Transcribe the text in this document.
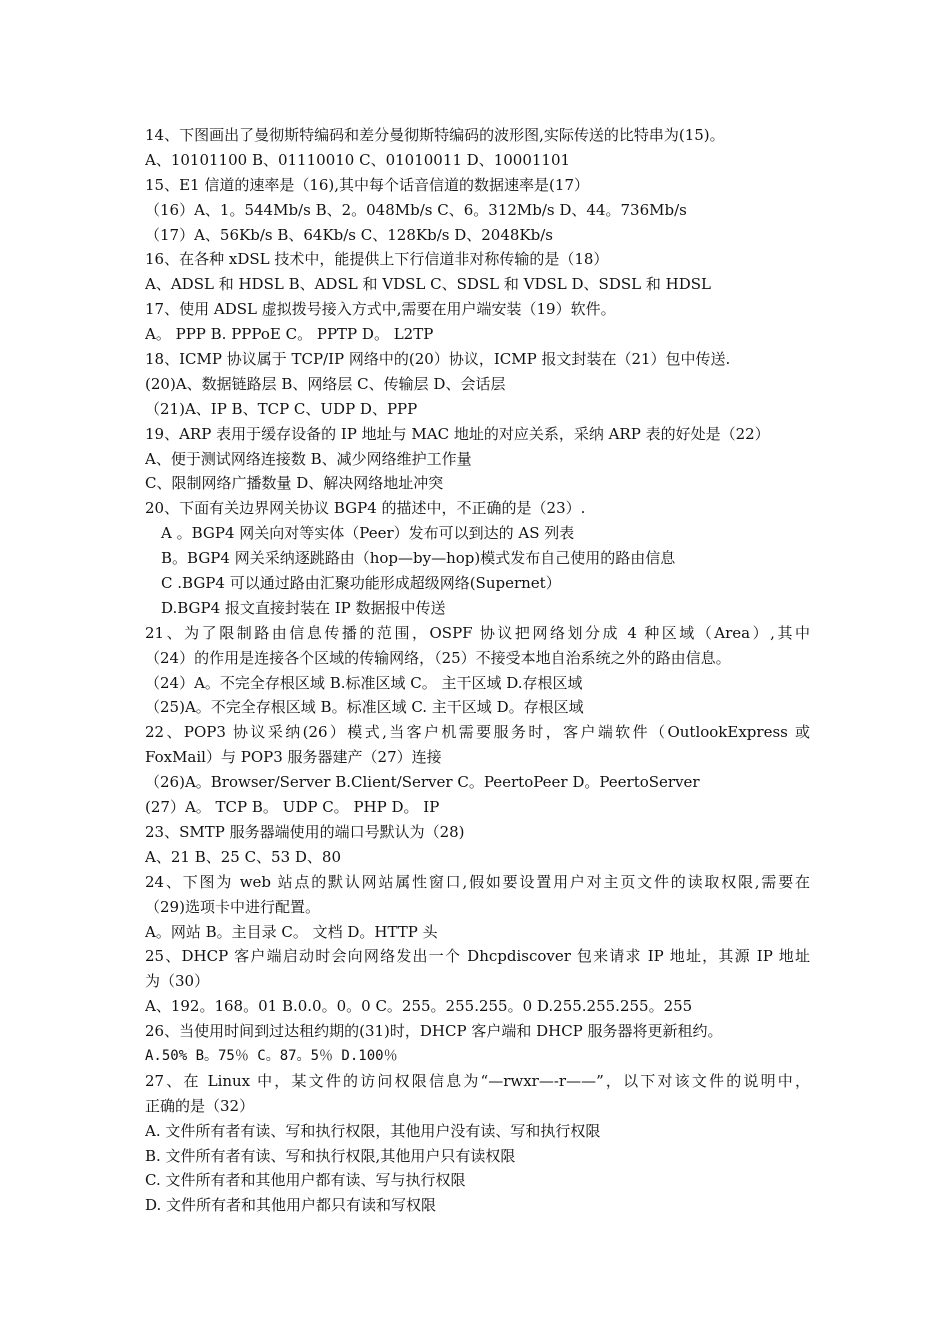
14、下图画出了曼彻斯特编码和差分曼彻斯特编码的波形图,实际传送的比特串为(15)。
A、10101100 B、01110010 C、01010011 D、10001101
15、E1 信道的速率是（16),其中每个话音信道的数据速率是(17）
（16）A、1。544Mb/s B、2。048Mb/s C、6。312Mb/s D、44。736Mb/s
（17）A、56Kb/s B、64Kb/s C、128Kb/s D、2048Kb/s
16、在各种 xDSL 技术中，能提供上下行信道非对称传输的是（18）
A、ADSL 和 HDSL B、ADSL 和 VDSL C、SDSL 和 VDSL D、SDSL 和 HDSL
17、使用 ADSL 虚拟拨号接入方式中,需要在用户端安装（19）软件。
A。 PPP B. PPPoE C。 PPTP D。 L2TP
18、ICMP 协议属于 TCP/IP 网络中的(20）协议，ICMP 报文封装在（21）包中传送.
(20)A、数据链路层 B、网络层 C、传输层 D、会话层
（21)A、IP B、TCP C、UDP D、PPP
19、ARP 表用于缓存设备的 IP 地址与 MAC 地址的对应关系，采纳 ARP 表的好处是（22）
A、便于测试网络连接数 B、减少网络维护工作量
C、限制网络广播数量 D、解决网络地址冲突
20、下面有关边界网关协议 BGP4 的描述中，不正确的是（23）.
A 。BGP4 网关向对等实体（Peer）发布可以到达的 AS 列表
B。BGP4 网关采纳逐跳路由（hop—by—hop)模式发布自己使用的路由信息
C .BGP4 可以通过路由汇聚功能形成超级网络(Supernet）
D.BGP4 报文直接封装在 IP 数据报中传送
21、为了限制路由信息传播的范围，OSPF 协议把网络划分成 4 种区域（Area）,其中
（24）的作用是连接各个区域的传输网络，（25）不接受本地自治系统之外的路由信息。
（24）A。不完全存根区域 B.标准区域 C。 主干区域 D.存根区域
（25)A。不完全存根区域 B。标准区域 C. 主干区域 D。存根区域
22、POP3 协议采纳(26）模式,当客户机需要服务时，客户端软件（OutlookExpress 或
FoxMail）与 POP3 服务器建产（27）连接
（26)A。Browser/Server B.Client/Server C。PeertoPeer D。PeertoServer
(27）A。 TCP B。 UDP C。 PHP D。 IP
23、SMTP 服务器端使用的端口号默认为（28)
A、21 B、25 C、53 D、80
24、下图为 web 站点的默认网站属性窗口,假如要设置用户对主页文件的读取权限,需要在
（29)选项卡中进行配置。
A。网站 B。主目录 C。 文档 D。HTTP 头
25、DHCP 客户端启动时会向网络发出一个 Dhcpdiscover 包来请求 IP 地址，其源 IP 地址
为（30）
A、192。168。01 B.0.0。0。0 C。255。255.255。0 D.255.255.255。255
26、当使用时间到过达租约期的(31)时，DHCP 客户端和 DHCP 服务器将更新租约。
A.50% B。75％ C。87。5％ D.100％
27、在 Linux 中，某文件的访问权限信息为“—rwxr—-r——”，以下对该文件的说明中，
正确的是（32）
A. 文件所有者有读、写和执行权限，其他用户没有读、写和执行权限
B. 文件所有者有读、写和执行权限,其他用户只有读权限
C. 文件所有者和其他用户都有读、写与执行权限
D. 文件所有者和其他用户都只有读和写权限
